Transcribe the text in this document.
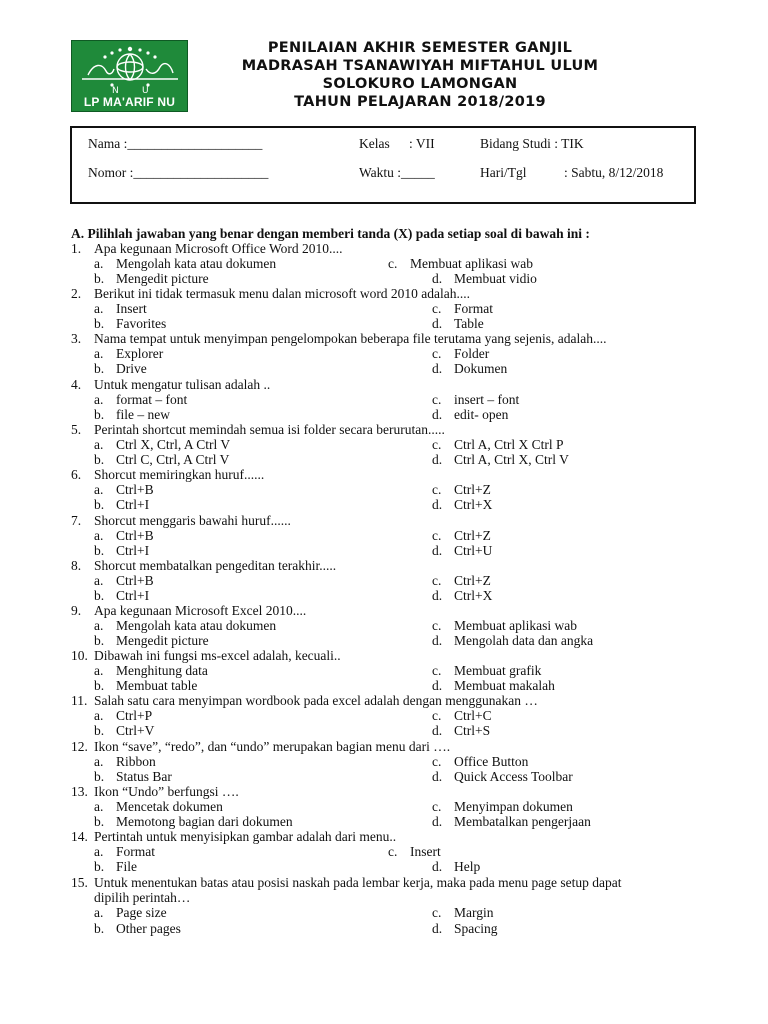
N	U
LP MA'ARIF NU
PENILAIAN AKHIR SEMESTER GANJIL
MADRASAH TSANAWIYAH MIFTAHUL ULUM
SOLOKURO LAMONGAN
TAHUN PELAJARAN 2018/2019
Nama :____________________	Kelas : VII	Bidang Studi : TIK
Nomor :____________________	Waktu :_____	Hari/Tgl	: Sabtu, 8/12/2018
A. Pilihlah jawaban yang benar dengan memberi tanda (X) pada setiap soal di bawah ini :
1. Apa kegunaan Microsoft Office Word 2010....
a. Mengolah kata atau dokumen	c. Membuat aplikasi wab
b. Mengedit picture	d. Membuat vidio
2. Berikut ini tidak termasuk menu dalan microsoft word 2010 adalah....
a. Insert	c. Format
b. Favorites	d. Table
3. Nama tempat untuk menyimpan pengelompokan beberapa file terutama yang sejenis, adalah....
a. Explorer	c. Folder
b. Drive	d. Dokumen
4. Untuk mengatur tulisan adalah ..
a. format – font	c. insert – font
b. file – new	d. edit- open
5. Perintah shortcut memindah semua isi folder secara berurutan.....
a. Ctrl X, Ctrl, A Ctrl V	c. Ctrl A, Ctrl X Ctrl P
b. Ctrl C, Ctrl, A Ctrl V	d. Ctrl A, Ctrl X, Ctrl V
6. Shorcut memiringkan huruf......
a. Ctrl+B	c. Ctrl+Z
b. Ctrl+I	d. Ctrl+X
7. Shorcut menggaris bawahi huruf......
a. Ctrl+B	c. Ctrl+Z
b. Ctrl+I	d. Ctrl+U
8. Shorcut membatalkan pengeditan terakhir.....
a. Ctrl+B	c. Ctrl+Z
b. Ctrl+I	d. Ctrl+X
9. Apa kegunaan Microsoft Excel 2010....
a. Mengolah kata atau dokumen	c. Membuat aplikasi wab
b. Mengedit picture	d. Mengolah data dan angka
10. Dibawah ini fungsi ms-excel adalah, kecuali..
a. Menghitung data	c. Membuat grafik
b. Membuat table	d. Membuat makalah
11. Salah satu cara menyimpan wordbook pada excel adalah dengan menggunakan …
a. Ctrl+P	c. Ctrl+C
b. Ctrl+V	d. Ctrl+S
12. Ikon “save”, “redo”, dan “undo” merupakan bagian menu dari ….
a. Ribbon	c. Office Button
b. Status Bar	d. Quick Access Toolbar
13. Ikon “Undo” berfungsi ….
a. Mencetak dokumen	c. Menyimpan dokumen
b. Memotong bagian dari dokumen	d. Membatalkan pengerjaan
14. Pertintah untuk menyisipkan gambar adalah dari menu..
a. Format	c. Insert
b. File	d. Help
15. Untuk menentukan batas atau posisi naskah pada lembar kerja, maka pada menu page setup dapat
dipilih perintah…
a. Page size	c. Margin
b. Other pages	d. Spacing
